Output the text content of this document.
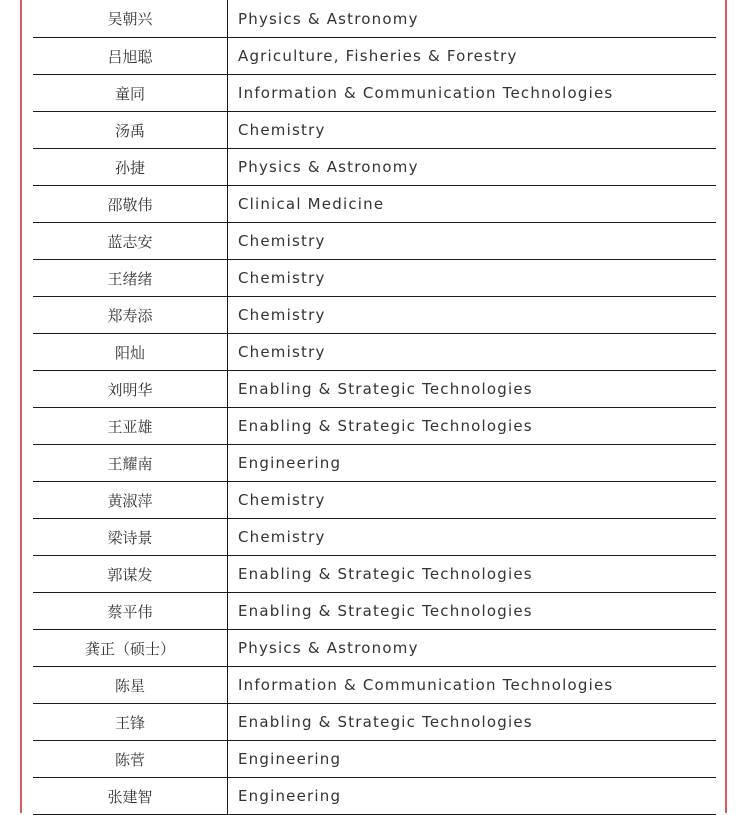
吴朝兴	Physics & Astronomy
吕旭聪	Agriculture, Fisheries & Forestry
童同	Information & Communication Technologies
汤禹	Chemistry
孙捷	Physics & Astronomy
邵敬伟	Clinical Medicine
蓝志安	Chemistry
王绪绪	Chemistry
郑寿添	Chemistry
阳灿	Chemistry
刘明华	Enabling & Strategic Technologies
王亚雄	Enabling & Strategic Technologies
王耀南	Engineering
黄淑萍	Chemistry
梁诗景	Chemistry
郭谋发	Enabling & Strategic Technologies
蔡平伟	Enabling & Strategic Technologies
龚正（硕士）	Physics & Astronomy
陈星	Information & Communication Technologies
王锋	Enabling & Strategic Technologies
陈菅	Engineering
张建智	Engineering
